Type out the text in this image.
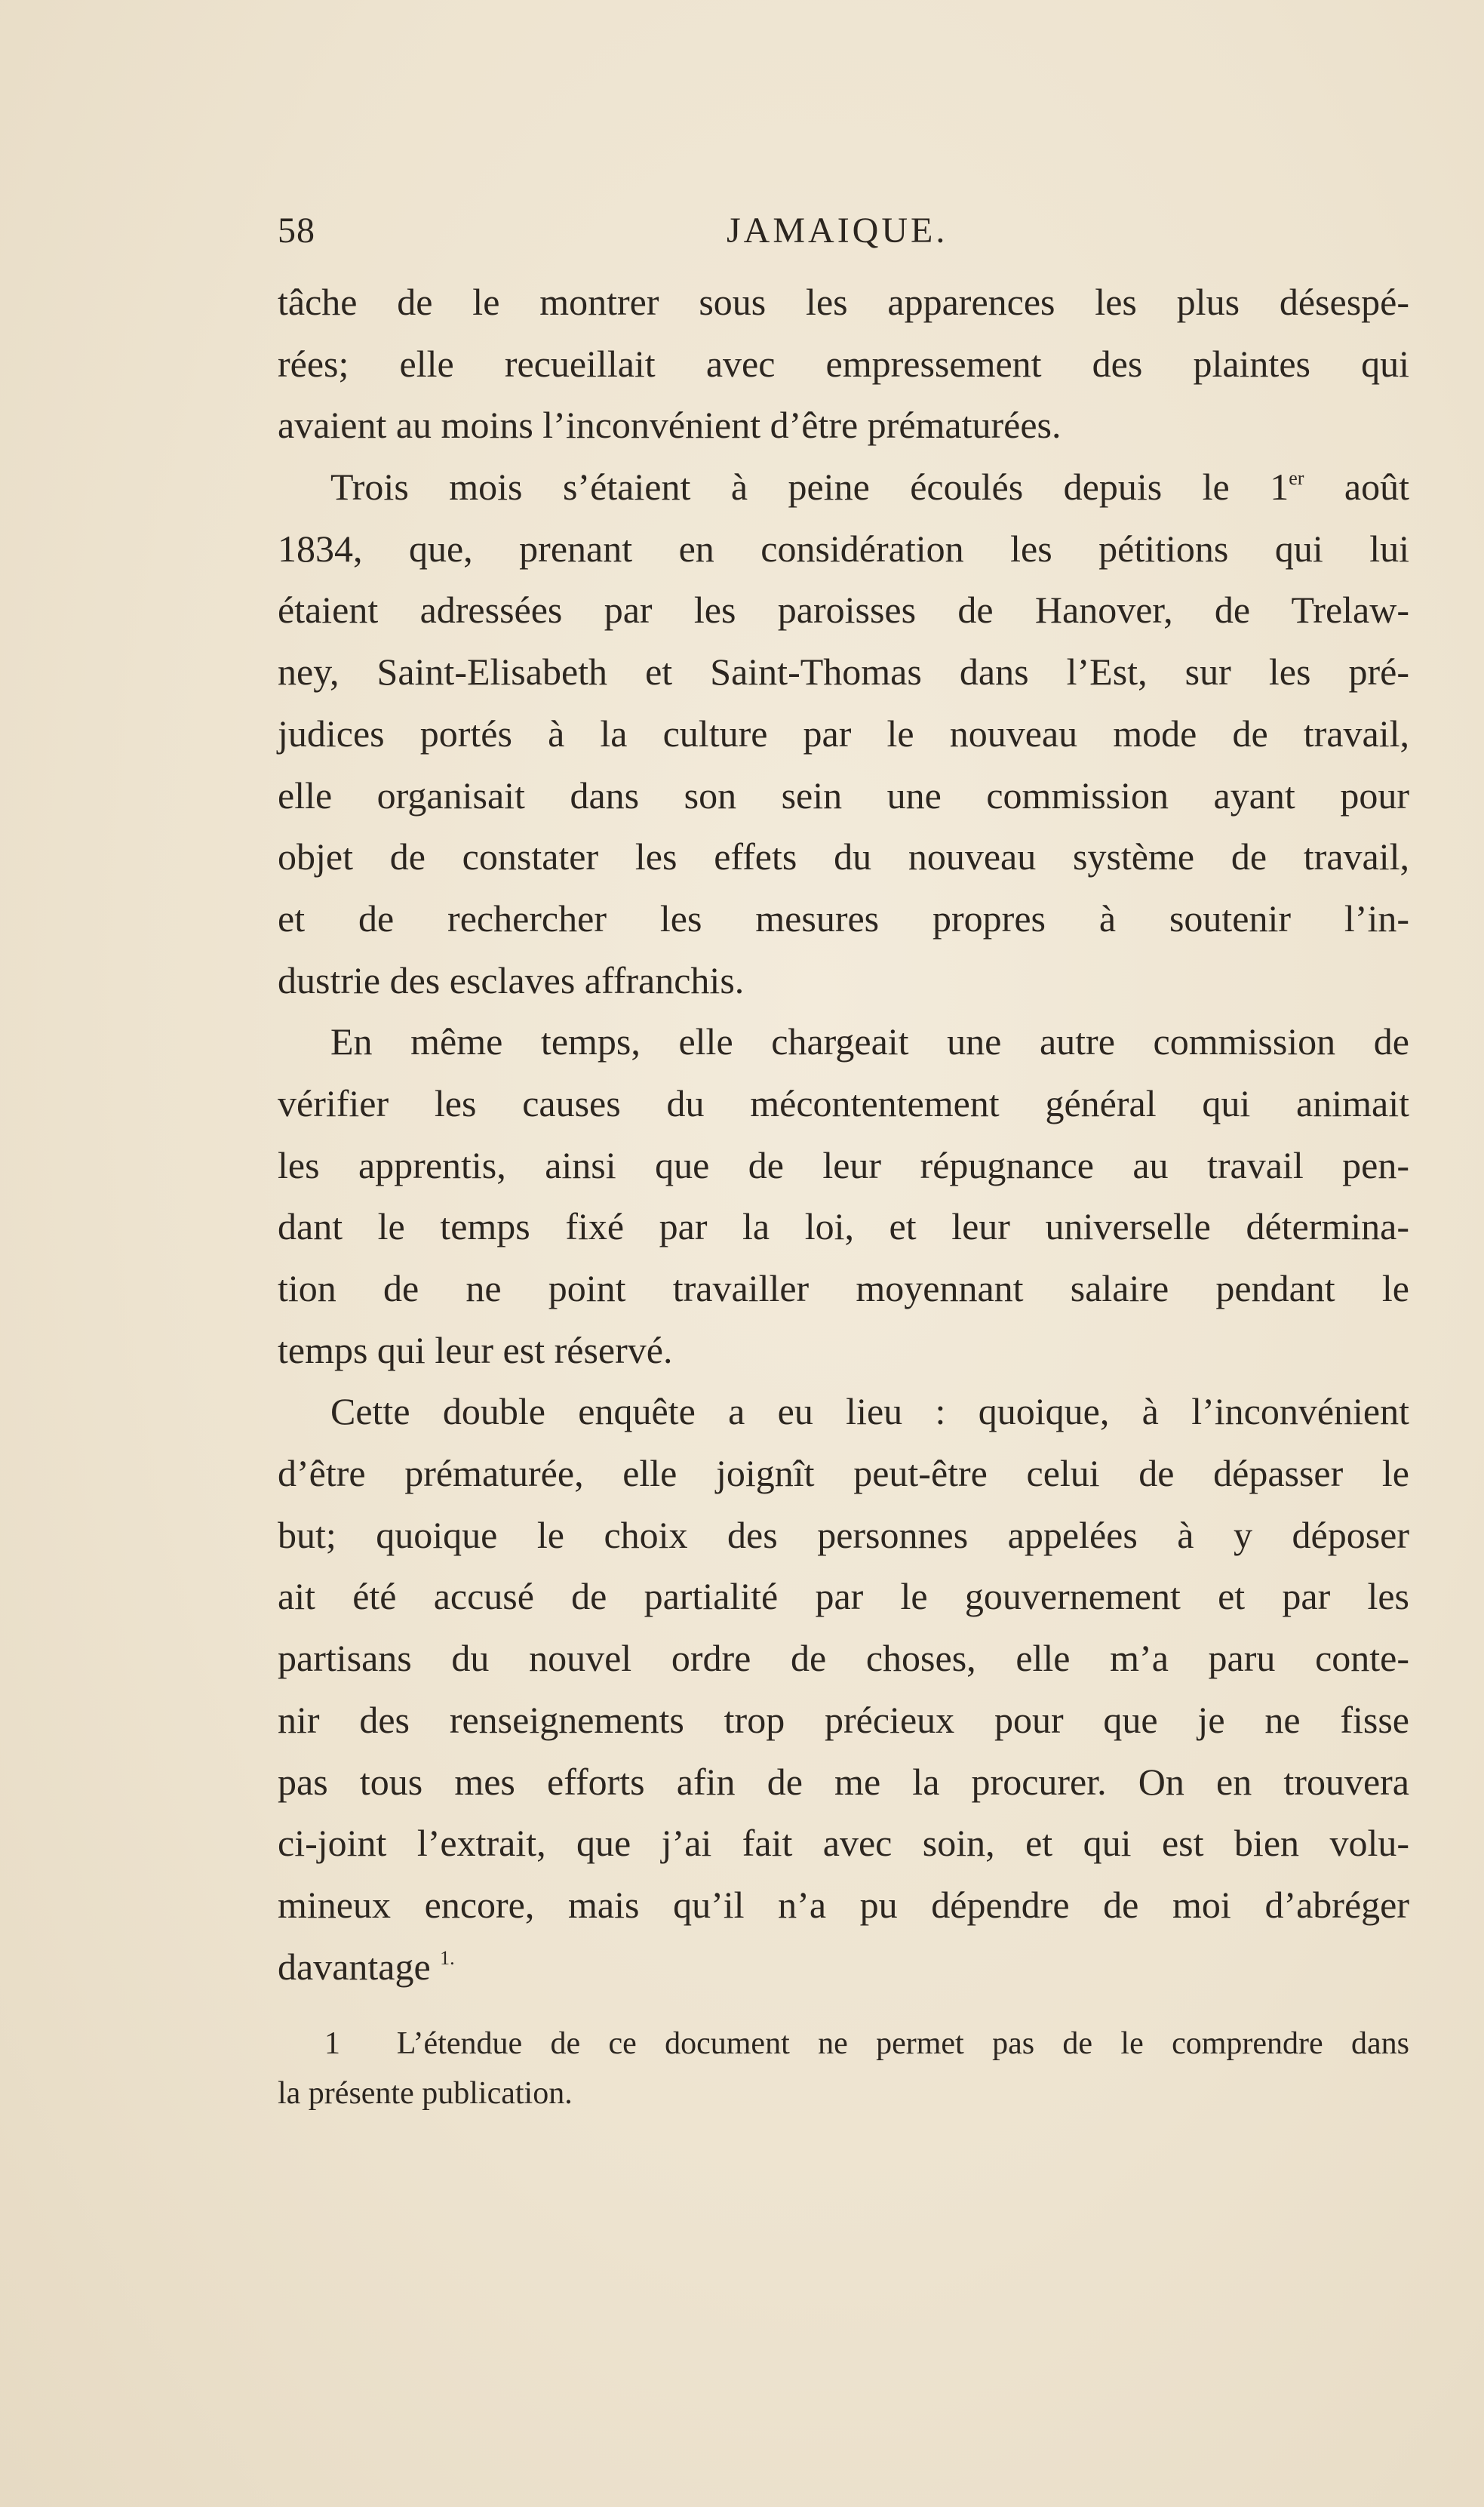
58	JAMAIQUE.
tâche de le montrer sous les apparences les plus désespé-
rées; elle recueillait avec empressement des plaintes qui
avaient au moins l’inconvénient d’être prématurées.
Trois mois s’étaient à peine écoulés depuis le 1er août
1834, que, prenant en considération les pétitions qui lui
étaient adressées par les paroisses de Hanover, de Trelaw-
ney, Saint-Elisabeth et Saint-Thomas dans l’Est, sur les pré-
judices portés à la culture par le nouveau mode de travail,
elle organisait dans son sein une commission ayant pour
objet de constater les effets du nouveau système de travail,
et de rechercher les mesures propres à soutenir l’in-
dustrie des esclaves affranchis.
En même temps, elle chargeait une autre commission de
vérifier les causes du mécontentement général qui animait
les apprentis, ainsi que de leur répugnance au travail pen-
dant le temps fixé par la loi, et leur universelle détermina-
tion de ne point travailler moyennant salaire pendant le
temps qui leur est réservé.
Cette double enquête a eu lieu : quoique, à l’inconvénient
d’être prématurée, elle joignît peut-être celui de dépasser le
but; quoique le choix des personnes appelées à y déposer
ait été accusé de partialité par le gouvernement et par les
partisans du nouvel ordre de choses, elle m’a paru conte-
nir des renseignements trop précieux pour que je ne fisse
pas tous mes efforts afin de me la procurer. On en trouvera
ci-joint l’extrait, que j’ai fait avec soin, et qui est bien volu-
mineux encore, mais qu’il n’a pu dépendre de moi d’abréger
davantage $^{1.}$
1 L’étendue de ce document ne permet pas de le comprendre dans
la présente publication.
